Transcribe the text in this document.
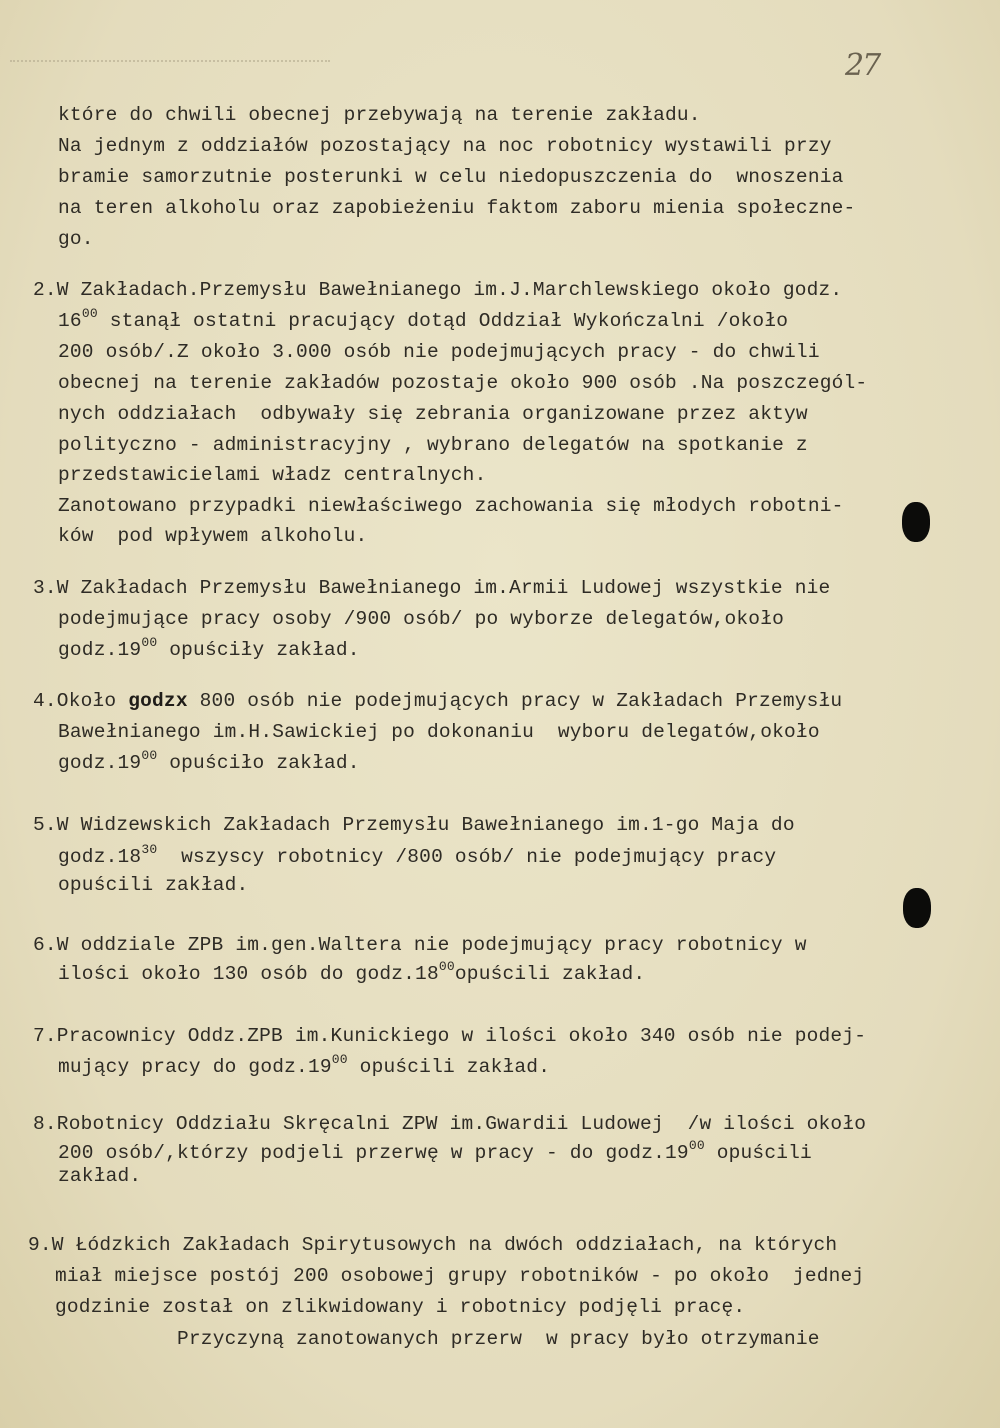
27
które do chwili obecnej przebywają na terenie zakładu.
Na jednym z oddziałów pozostający na noc robotnicy wystawili przy
bramie samorzutnie posterunki w celu niedopuszczenia do  wnoszenia
na teren alkoholu oraz zapobieżeniu faktom zaboru mienia społeczne-
go.
2.W Zakładach.Przemysłu Bawełnianego im.J.Marchlewskiego około godz.
$16^{00}$ stanął ostatni pracujący dotąd Oddział Wykończalni /około
200 osób/.Z około 3.000 osób nie podejmujących pracy - do chwili
obecnej na terenie zakładów pozostaje około 900 osób .Na poszczegól-
nych oddziałach  odbywały się zebrania organizowane przez aktyw
polityczno - administracyjny , wybrano delegatów na spotkanie z
przedstawicielami władz centralnych.
Zanotowano przypadki niewłaściwego zachowania się młodych robotni-
ków  pod wpływem alkoholu.
3.W Zakładach Przemysłu Bawełnianego im.Armii Ludowej wszystkie nie
podejmujące pracy osoby /900 osób/ po wyborze delegatów,około
$godz.19^{00}$ opuściły zakład.
4.Około godzx 800 osób nie podejmujących pracy w Zakładach Przemysłu
Bawełnianego im.H.Sawickiej po dokonaniu  wyboru delegatów,około
$godz.19^{00}$ opuściło zakład.
5.W Widzewskich Zakładach Przemysłu Bawełnianego im.1-go Maja do
$godz.18^{30}$  wszyscy robotnicy /800 osób/ nie podejmujący pracy
opuścili zakład.
6.W oddziale ZPB im.gen.Waltera nie podejmujący pracy robotnicy w
ilości około 130 osób do $godz.18^{00}opuścili$ zakład.
7.Pracownicy Oddz.ZPB im.Kunickiego w ilości około 340 osób nie podej-
mujący pracy do $godz.19^{00}$ opuścili zakład.
8.Robotnicy Oddziału Skręcalni ZPW im.Gwardii Ludowej  /w ilości około
200 osób/,którzy podjeli przerwę w pracy - do $godz.19^{00}$ opuścili
zakład.
9.W Łódzkich Zakładach Spirytusowych na dwóch oddziałach, na których
miał miejsce postój 200 osobowej grupy robotników - po około  jednej
godzinie został on zlikwidowany i robotnicy podjęli pracę.
Przyczyną zanotowanych przerw  w pracy było otrzymanie
